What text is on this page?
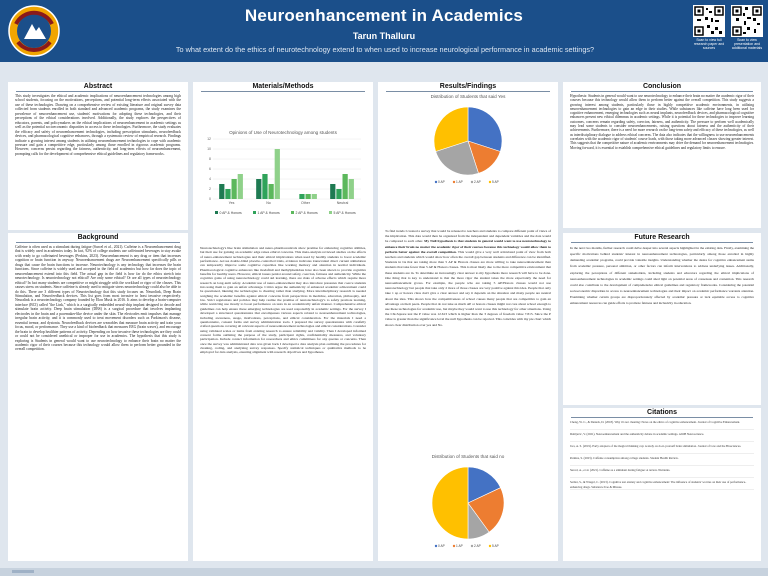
Neuroenhancement in Academics
Tarun Thalluru
To what extent do the ethics of neurotechnology extend to when used to increase neurological performance in academic settings?
Scan to view full research paper and sources
Scan to view presentation and additional materials
Abstract

This study investigates the ethical and academic implications of neuroenhancement technologies among high school students, focusing on the motivations, perceptions, and potential long-term effects associated with the use of these technologies. Drawing on a comprehensive review of existing literature and original survey data collected from students enrolled in both standard and advanced academic programs, the study examines the prevalence of neuroenhancement use, students' motivations for adopting these technologies, and their perceptions of the ethical considerations involved. Additionally, the study explores the perspectives of educators, parents, and policymakers on the ethical implications of neuroenhancement in academic settings as well as the potential socioeconomic disparities in access to these technologies. Furthermore, the study evaluates the efficacy and safety of neuroenhancement technologies, including prescription stimulants, neurofeedback devices, and pharmacological cognitive enhancers, through a systematic review of empirical research. Findings indicate a growing interest among students in utilizing neuroenhancement technologies to cope with academic pressure and gain a competitive edge, particularly among those enrolled in rigorous academic programs. However, concerns persist regarding the fairness, authenticity, and long-term effects of neuroenhancement, prompting calls for the development of comprehensive ethical guidelines and regulatory frameworks.

Background

Caffeine is often used as a stimulant during fatigue (Surcel et al., 2021). Caffeine is a Neuroenhancement drug that is widely used in academics today. In fact, 92% of college students use caffeinated beverages to stay awake with ready to go caffeinated beverages (Perkins, 2023). Neuroenhancement is any drug or item that increases cognition or brain function in anyway. Neuroenhancement drugs are Neuroenhancement specifically pills or drugs that cause the brain functions to increase. Neurotechnology is any technology that increases the brain functions. Since caffeine is widely used and accepted in the field of academics but how far does the topic of neuroenhancement extend into this field. The actual gap in the field is how far do the ethics stretch into neurotechnology. Is neurotechnology not ethical? Are only some ethical? Or are all types of neurotechnology ethical? In fact many students are competitive or might struggle with the workload or rigor of the classes. This causes stress on students. Since caffeine is already used to mitigate stress neurotechnology could also be able to do this. There are 3 different types of Neurotechnology that this study focuses on. Neurolink, Deep Brain Stimulation, and Neurofeedback devices. This list goes from most invasive to least invasive respectively. Neuralink is a neurotechnology company founded by Elon Musk in 2016. It aims to develop a brain-computer interface (BCI) called "the Link," which is a surgically embedded neural-chip implant designed to decode and stimulate brain activity. Deep brain stimulation (DBS) is a surgical procedure that involves implanting electrodes in the brain and a pacemaker-like device under the skin. The electrodes emit impulses that manage irregular brain activity, and it is commonly used to treat movement disorders such as Parkinson's disease, essential tremor, and dystonia. Neurofeedback devices are wearables that measure brain activity and train your focus, mood, or performance. They use a kind of biofeedback that measures EEG (brain waves), and encourage the brain to develop healthier patterns of activity. Depending on how invasive these technologies are they could or could not be considered unethical or improper for use in academics. The hypothesis that this study is exploring is Students in general would want to use neurotechnology to enhance their brain no matter the academic rigor of their courses because this technology would allow them to perform better grounded in the overall competition.

Materials/Methods
Opinions of Use of Neurotechnology among students
0
2
4
6
8
10
12
Yes	No	Other	Neutral
0 AP & Honors	1 AP & Honors	2 AP & Honors	5 AP & Honors

Neurotechnology's like brain stimulation and neuro-pharmaceuticals show promise for enhancing cognitive abilities, but their use for gaining an academic edge raises ethical concerns. This meta-analysis reviewed studies on the effects of neuro-enhancement technologies and their ethical implications when used by healthy students to boost academic performance. Across double-blind placebo-controlled trials, evidence indicates transcranial direct current stimulation can temporarily improve some cognitive capacities like working memory and attention in normal individuals. Pharmacological cognitive enhancers like modafinil and methylphenidate have also been shown to provide cognitive benefits for healthy users. However, ethical issues persist around safety, coercion, fairness and authenticity. While the cognitive gains of using neurotechnology could aid learning, there are risks of adverse effects which require more research on long-term safety. Academic use of neuro-enhancement may also introduce pressures that coerce students into using them to gain an unfair advantage. Critics argue the authenticity of enhanced academic achievement could be questioned, likening the technologies to cheating rather than studying. More interdisciplinary research is needed weighing the academic benefits against ethical concerns from perspectives in medicine, education, philosophy, and law. Strict regulations and policies may help realize the promise of neurotechnology's to safely promote learning, while restricting use mostly to boost performance on tests in an academically unfair manner. Comprehensive ethical guidelines can help ensure these emerging technologies are used responsibly in academic settings. For the survey I developed a structured questionnaire that encompasses various aspects related to neuroenhancement technologies, including awareness, usage, motivations, perceptions, and ethical consideration. For the materials I need a questionnaire, consent forms and survey administration tools. I prepared the survey questionnaire with carefully crafted questions covering all relevant aspects of neuroenhancement technologies and ethical considerations. Consider using validated scales or items from existing research to ensure reliability and validity. Then I developed informed consent forms outlining the purpose of the study, participant rights, confidentiality measures, and voluntary participation. Include contact information for researchers and ethics committees for any queries or concerns. Then once the survey was administrated data was given back I developed a data analysis plan outlining the procedures for cleaning, coding, and analyzing survey responses. Specify statistical techniques or qualitative methods to be employed for data analysis, ensuring alignment with research objectives and hypotheses.

Results/Findings
Distribution of Students that said Yes
0 AP	1 AP	2 AP	5 AP

To find trends I created a survey that would be released to teachers and students to compare different point of views of the implication. This data would then be organized from the independent and dependent variables and the data would be compared to each other. My Null hypothesis is that students in general would want to use neurotechnology to enhance their brain no matter the academic rigor of their courses because this technology would allow them to perform better against the overall competition. This would give a very well articulated point of view from both teachers and students which would show how often the overall gap between students and difference can be identified. Students in IA that are taking more than 5 AP & Honors classes are more willing to take neuroenhancement than students that take fewer than 5 AP & Honors classes. This is most likely due to the more competitive environment that these students are in. To determine an increasingly clear answer to my hypothesis more research will have to be done. One thing that is key to understand is that the more rigor the student takes the more expectantly the need for neuroenhancement grows. For example, the people who are taking 5 AP/Honors classes would not use neurotechnology but people that take only 2 more of those classes are very positive against this idea. People that only take 1 ap or honors class don't give a clear answer and say it depends on the situation and many people are neutral about the idea. This shows how the competitiveness of school causes many people that are competitive to gain an advantage on their peers. People that do not take as much AP or honors classes might not care about school enough to use these technologies for academic use, but maybe they would want to use this technology for other situations. Using the Chi-Square test the P value was 12.613 which is higher than the 3 degrees of freedom value 7.815. Since the P value is greater than the significance level the null hypothesis can be rejected. This coincides with my pie chart which shows clear distribution over yes and No.

Distribution of Students that said no
0 AP	1 AP	2 AP	5 AP
Conclusion

Hypothesis: Students in general would want to use neurotechnology to enhance their brain no matter the academic rigor of their courses because this technology would allow them to perform better against the overall competition. This study suggests a growing interest among students, particularly those in highly competitive academic environments, in utilizing neuroenhancement technologies to gain an edge in their studies. While substances like caffeine have long been used for cognitive enhancement, emerging technologies such as neural implants, neurofeedback devices, and pharmacological cognitive enhancers present new ethical dilemmas in academic settings. While it is potential for these technologies to improve learning outcomes, concerns remain regarding safety, coercion, fairness, and authenticity. The pressure to perform well academically may lead some students to consider neuroenhancements, raising questions about fairness and the authenticity of their achievements. Furthermore, there is a need for more research on the long-term safety and efficacy of these technologies, as well as interdisciplinary dialogue to address ethical concerns. The data also indicates that the willingness to use neuroenhancements correlates with the academic rigor of students' course loads, with those taking more advanced classes showing greater interest. This suggests that the competitive nature of academic environments may drive the demand for neuroenhancement technologies. Moving forward, it is essential to establish comprehensive ethical guidelines and regulatory limits to ensure.

Future Research

In the next two months, further research could delve deeper into several aspects highlighted in the existing data. Firstly, examining the specific motivations behind students' interest in neuroenhancement technologies, particularly among those enrolled in highly demanding academic programs, could provide valuable insights. Understanding whether the desire for cognitive enhancement stems from academic pressure, personal ambition, or other factors can inform interventions to address underlying issues. Additionally, exploring the perceptions of different stakeholders, including students and educators regarding the ethical implications of neuroenhancement technologies in academic settings could shed light on potential areas of consensus and contention. This research could also contribute to the development of comprehensive ethical guidelines and regulatory frameworks. Considering the potential socioeconomic disparities in access to neuroenhancement technologies and their impact on academic performance warrants attention. Examining whether certain groups are disproportionately affected by academic pressure or lack equitable access to cognitive enhancement resources can guide efforts to promote fairness and inclusivity in education.

Citations
Cheng, W. C., & Daniels, D. (2018). Why it's not cheating: Notes on the ethics of cognitive enhancement. Journal of Cognitive Enhancement.
Dubljevic, V. (2021). Neuroenhancement and the authenticity debate in academic settings. AJOB Neuroscience.
Jwa, A. S. (2019). Early adopters of the magical thinking cap: A study on do-it-yourself brain stimulation. Journal of Law and the Biosciences.
Perkins, S. (2023). Caffeine consumption among college students. Student Health Review.
Surcel, A., et al. (2021). Caffeine as a stimulant during fatigue: A review. Nutrients.
Sattler, S., & Wiegel, C. (2013). Cognitive test anxiety and cognitive enhancement: The influence of students' worries on their use of performance-enhancing drugs. Substance Use & Misuse.
